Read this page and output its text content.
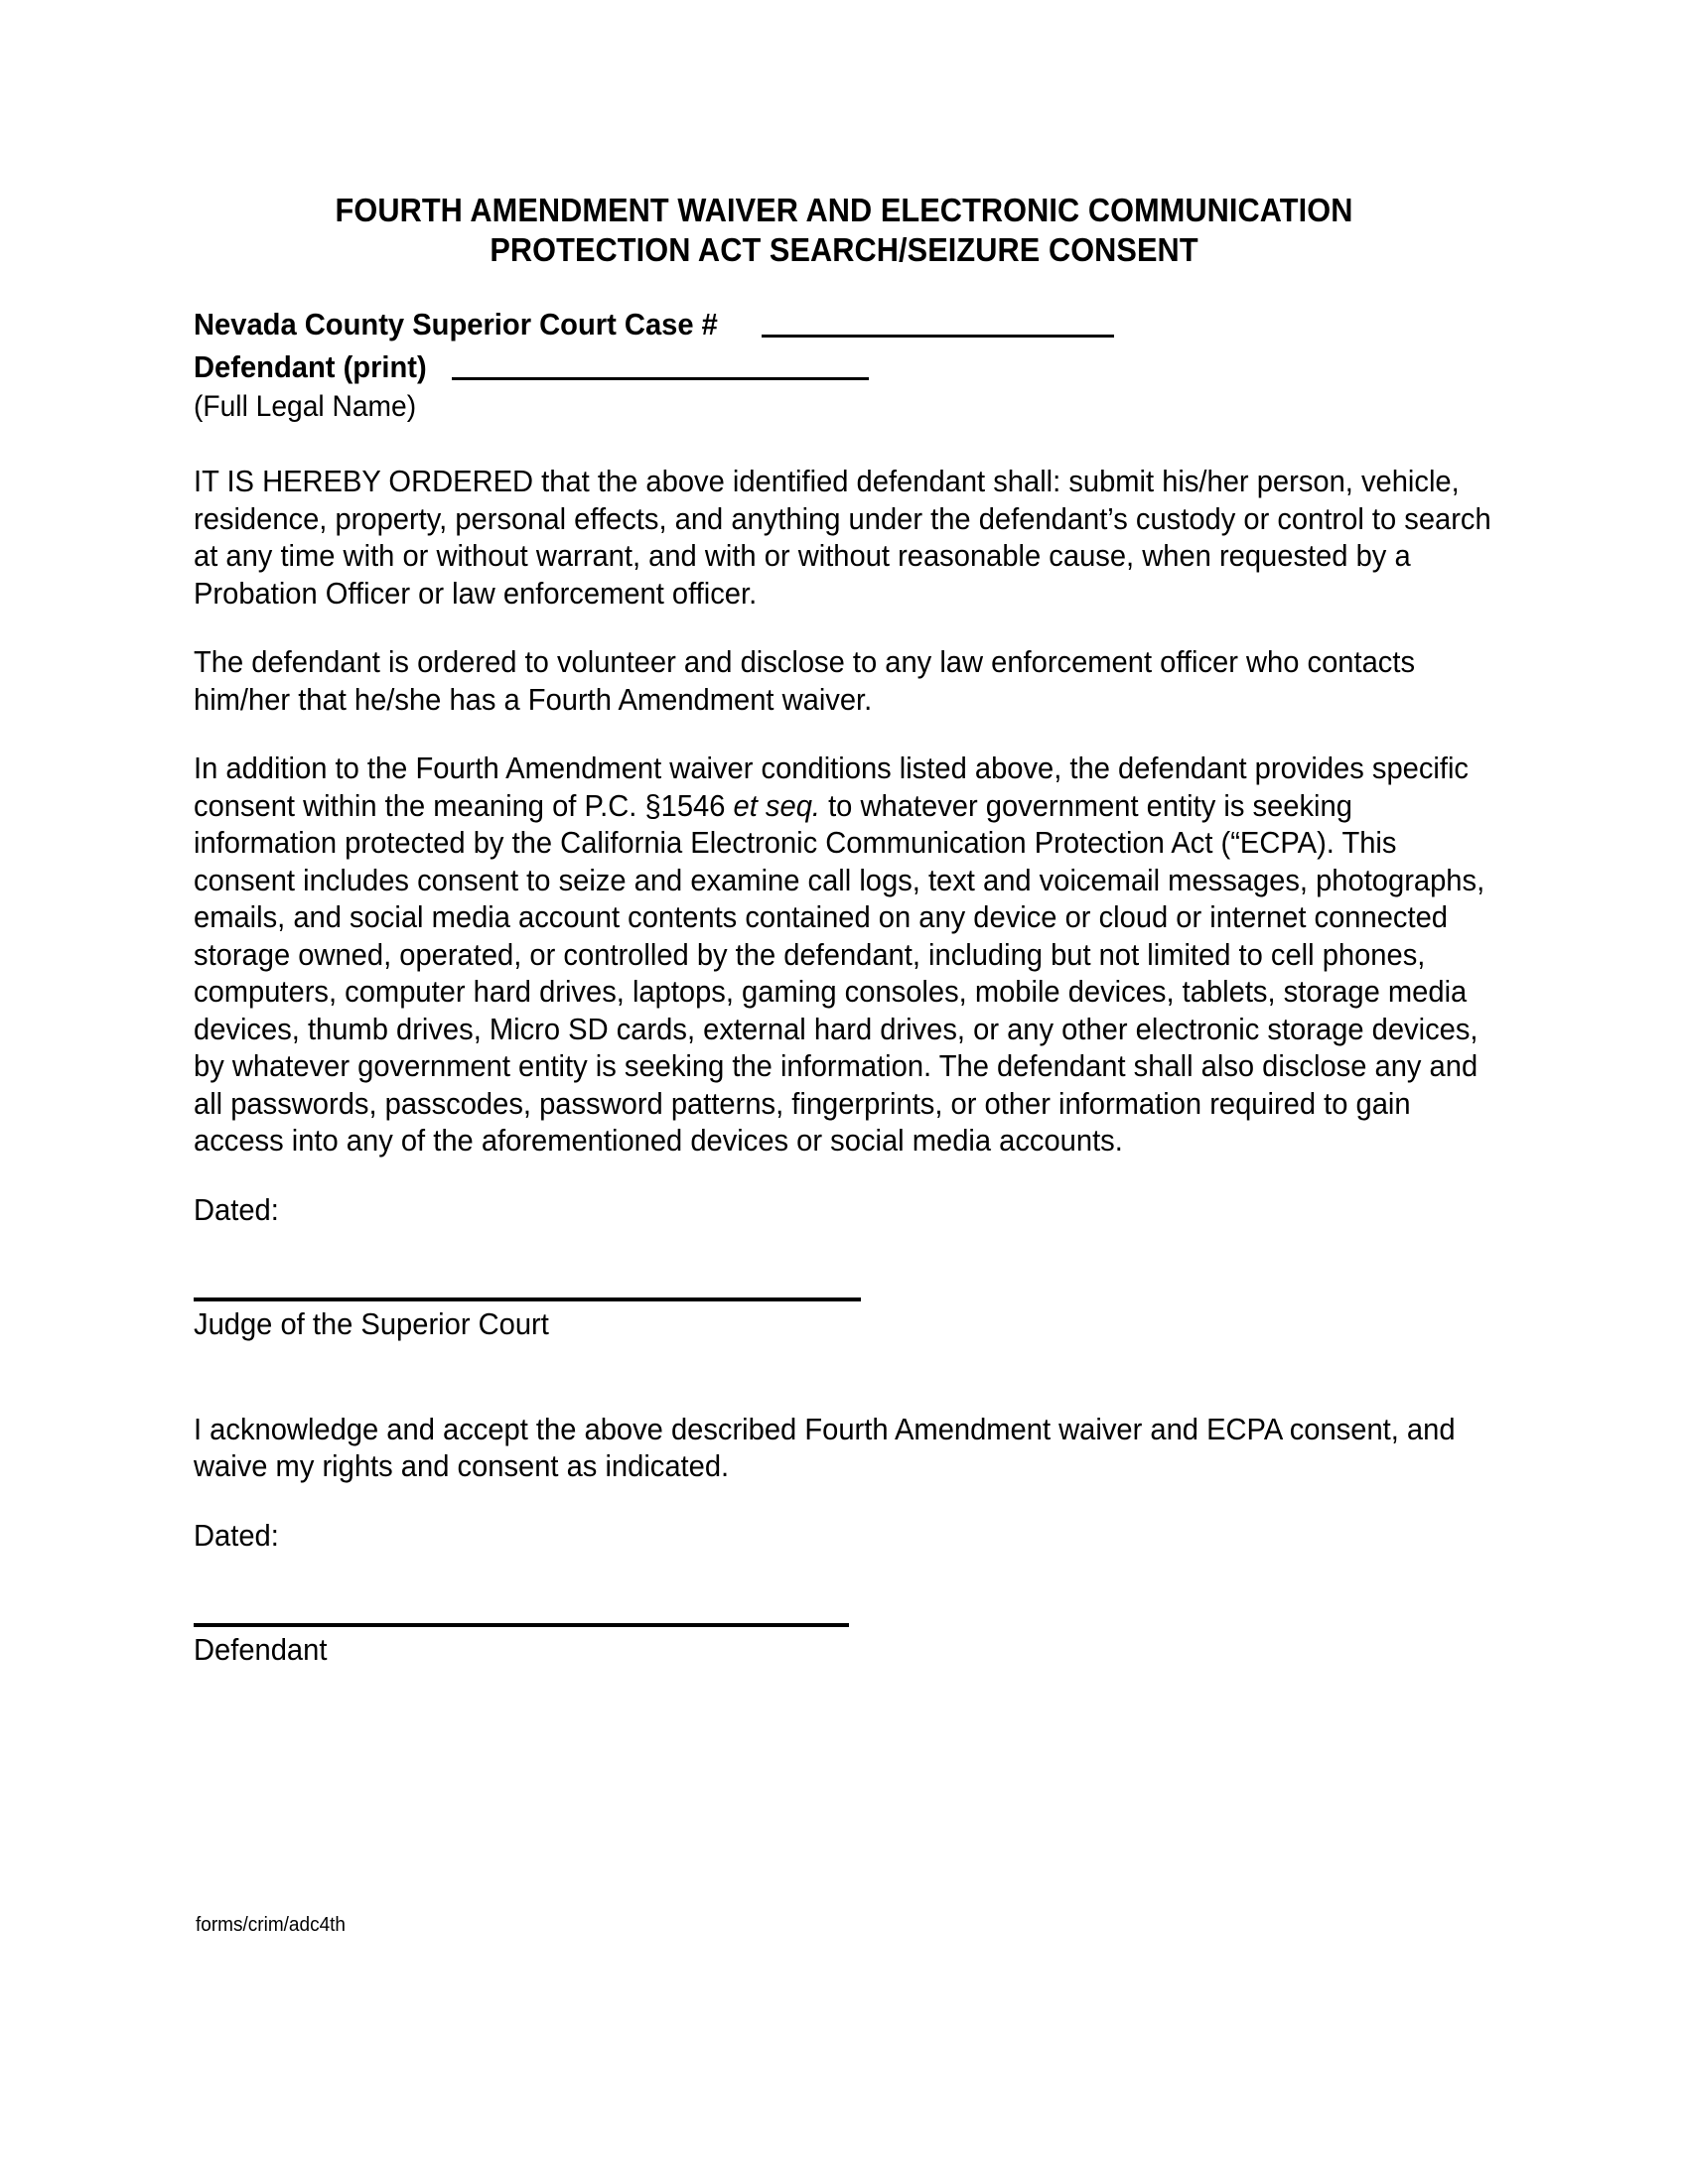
FOURTH AMENDMENT WAIVER AND ELECTRONIC COMMUNICATION
PROTECTION ACT SEARCH/SEIZURE CONSENT
Nevada County Superior Court Case #
Defendant (print)
(Full Legal Name)

IT IS HEREBY ORDERED that the above identified defendant shall: submit his/her person, vehicle, residence, property, personal effects, and anything under the defendant’s custody or control to search at any time with or without warrant, and with or without reasonable cause, when requested by a Probation Officer or law enforcement officer.

The defendant is ordered to volunteer and disclose to any law enforcement officer who contacts him/her that he/she has a Fourth Amendment waiver.

In addition to the Fourth Amendment waiver conditions listed above, the defendant provides specific consent within the meaning of P.C. §1546 et seq. to whatever government entity is seeking information protected by the California Electronic Communication Protection Act (“ECPA). This consent includes consent to seize and examine call logs, text and voicemail messages, photographs, emails, and social media account contents contained on any device or cloud or internet connected storage owned, operated, or controlled by the defendant, including but not limited to cell phones, computers, computer hard drives, laptops, gaming consoles, mobile devices, tablets, storage media devices, thumb drives, Micro SD cards, external hard drives, or any other electronic storage devices, by whatever government entity is seeking the information. The defendant shall also disclose any and all passwords, passcodes, password patterns, fingerprints, or other information required to gain access into any of the aforementioned devices or social media accounts.

Dated:
Judge of the Superior Court

I acknowledge and accept the above described Fourth Amendment waiver and ECPA consent, and waive my rights and consent as indicated.

Dated:
Defendant
forms/crim/adc4th
